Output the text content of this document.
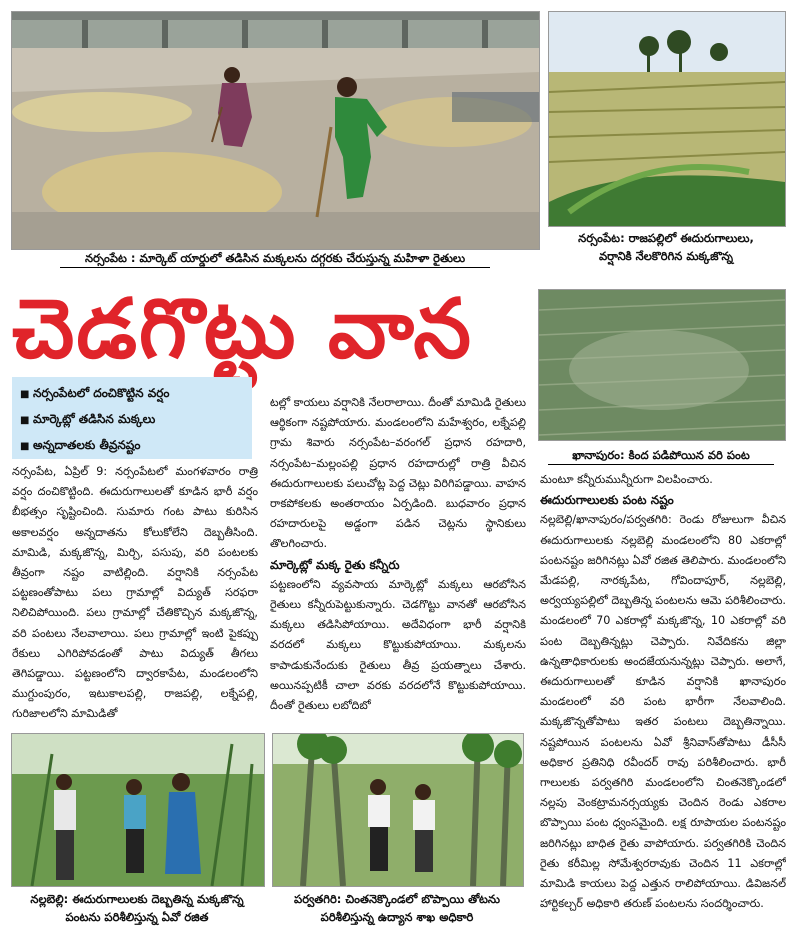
నర్సంపేట : మార్కెట్ యార్డులో తడిసిన మక్కలను దగ్గరకు చేరుస్తున్న మహిళా రైతులు
నర్సంపేట: రాజపల్లిలో ఈదురుగాలులు,
వర్షానికి నేలకొరిగిన మక్కజొన్న
ఖానాపురం: కింద పడిపోయిన వరి పంట
చెడగొట్టు వాన
■ నర్సంపేటలో దంచికొట్టిన వర్షం
■ మార్కెట్లో తడిసిన మక్కలు
■ అన్నదాతలకు తీవ్రనష్టం

నర్సంపేట, ఏప్రిల్ 9: నర్సంపేటలో మంగళవారం రాత్రి వర్షం దంచికొట్టింది. ఈదురుగాలులతో కూడిన భారీ వర్షం బీభత్సం సృష్టించింది. సుమారు గంట పాటు కురిసిన అకాలవర్షం అన్నదాతను కోలుకోలేని దెబ్బతీసింది. మామిడి, మక్కజొన్న, మిర్చి, పసుపు, వరి పంటలకు తీవ్రంగా నష్టం వాటిల్లింది. వర్షానికి నర్సంపేట పట్టణంతోపాటు పలు గ్రామాల్లో విద్యుత్ సరఫరా నిలిచిపోయింది. పలు గ్రామాల్లో చేతికొచ్చిన మక్కజొన్న, వరి పంటలు నేలవాలాయి. పలు గ్రామాల్లో ఇంటి పైకప్పు రేకులు ఎగిరిపోవడంతో పాటు విద్యుత్ తీగలు తెగిపడ్డాయి. పట్టణంలోని ద్వారకాపేట, మండలంలోని ముగ్దుంపురం, ఇటుకాలపల్లి, రాజపల్లి, లక్నేపల్లి, గురిజాలలోని మామిడితో

టల్లో కాయలు వర్షానికి నేలరాలాయి. దీంతో మామిడి రైతులు ఆర్థికంగా నష్టపోయారు. మండలంలోని మహేశ్వరం, లక్నేపల్లి గ్రామ శివారు నర్సంపేట–వరంగల్ ప్రధాన రహదారి, నర్సంపేట–మల్లంపల్లి ప్రధాన రహదారుల్లో రాత్రి వీచిన ఈదురుగాలులకు పలుచోట్ల పెద్ద చెట్లు విరిగిపడ్డాయి. వాహన రాకపోకలకు అంతరాయం ఏర్పడింది. బుధవారం ప్రధాన రహదారులపై అడ్డంగా పడిన చెట్లను స్థానికులు తొలగించారు.

మార్కెట్లో మక్క రైతు కన్నీరు

పట్టణంలోని వ్యవసాయ మార్కెట్లో మక్కలు ఆరబోసిన రైతులు కన్నీరుపెట్టుకున్నారు. చెడగొట్టు వానతో ఆరబోసిన మక్కలు తడిసిపోయాయి. అదేవిధంగా భారీ వర్షానికి వరదలో మక్కలు కొట్టుకుపోయాయి. మక్కలను కాపాడుకునేందుకు రైతులు తీవ్ర ప్రయత్నాలు చేశారు. అయినప్పటికీ చాలా వరకు వరదలోనే కొట్టుకుపోయాయి. దీంతో రైతులు లబోదిబో

మంటూ కన్నీరుమున్నీరుగా విలపించారు.

ఈదురుగాలులకు పంట నష్టం

నల్లబెల్లి/ఖానాపురం/పర్వతగిరి: రెండు రోజులుగా వీచిన ఈదురుగాలులకు నల్లబెల్లి మండలంలోని 80 ఎకరాల్లో పంటనష్టం జరిగినట్లు ఏవో రజిత తెలిపారు. మండలంలోని మేడపల్లి, నారక్కపేట, గోవిందాపూర్, నల్లబెల్లి, అర్వయ్యపల్లిలో దెబ్బతిన్న పంటలను ఆమె పరిశీలించారు. మండలంలో 70 ఎకరాల్లో మక్కజొన్న, 10 ఎకరాల్లో వరి పంట దెబ్బతిన్నట్లు చెప్పారు. నివేదికను జిల్లా ఉన్నతాధికారులకు అందజేయనున్నట్లు చెప్పారు. అలాగే, ఈదురుగాలులతో కూడిన వర్షానికి ఖానాపురం మండలంలో వరి పంట భారీగా నేలవాలింది. మక్కజొన్నతోపాటు ఇతర పంటలు దెబ్బతిన్నాయి. నష్టపోయిన పంటలను ఏవో శ్రీనివాస్‌తోపాటు డీసీసీ అధికార ప్రతినిధి రవీందర్ రావు పరిశీలించారు. భారీ గాలులకు పర్వతగిరి మండలంలోని చింతనెక్కొండలో నల్లపు వెంకట్రామనర్సయ్యకు చెందిన రెండు ఎకరాల బొప్పాయి పంట ధ్వంసమైంది. లక్ష రూపాయల పంటనష్టం జరిగినట్లు బాధిత రైతు వాపోయారు. పర్వతగిరికి చెందిన రైతు కరీమిల్ల సోమేశ్వరరావుకు చెందిన 11 ఎకరాల్లో మామిడి కాయలు పెద్ద ఎత్తున రాలిపోయాయి. డివిజనల్ హార్టికల్చర్ అధికారి తరుణ్ పంటలను సందర్శించారు.

నల్లబెల్లి: ఈదురుగాలులకు దెబ్బతిన్న మక్కజొన్న
పంటను పరిశీలిస్తున్న ఏవో రజిత
పర్వతగిరి: చింతనెక్కొండలో బొప్పాయి తోటను
పరిశీలిస్తున్న ఉద్యాన శాఖ అధికారి
